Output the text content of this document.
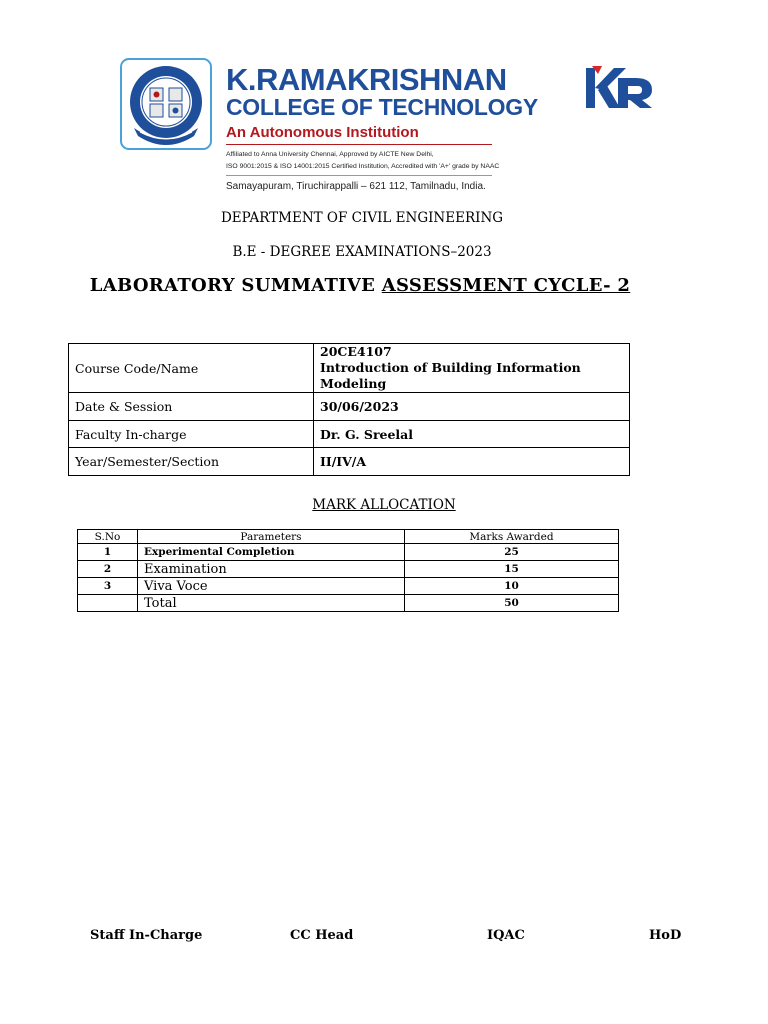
K.RAMAKRISHNAN
COLLEGE OF TECHNOLOGY
An Autonomous Institution
Affiliated to Anna University Chennai, Approved by AICTE New Delhi,
ISO 9001:2015 & ISO 14001:2015 Certified Institution, Accredited with 'A+' grade by NAAC
Samayapuram, Tiruchirappalli – 621 112, Tamilnadu, India.
DEPARTMENT OF CIVIL ENGINEERING
B.E - DEGREE EXAMINATIONS–2023
LABORATORY SUMMATIVE ASSESSMENT CYCLE- 2
Course Code/Name	20CE4107
Introduction of Building Information Modeling

Date & Session	30/06/2023
Faculty In-charge	Dr. G. Sreelal
Year/Semester/Section	II/IV/A
MARK ALLOCATION
S.No	Parameters	Marks Awarded
1	Experimental Completion	25
2	Examination	15
3	Viva Voce	10
	Total	50
Staff In-Charge	CC Head	IQAC	HoD
